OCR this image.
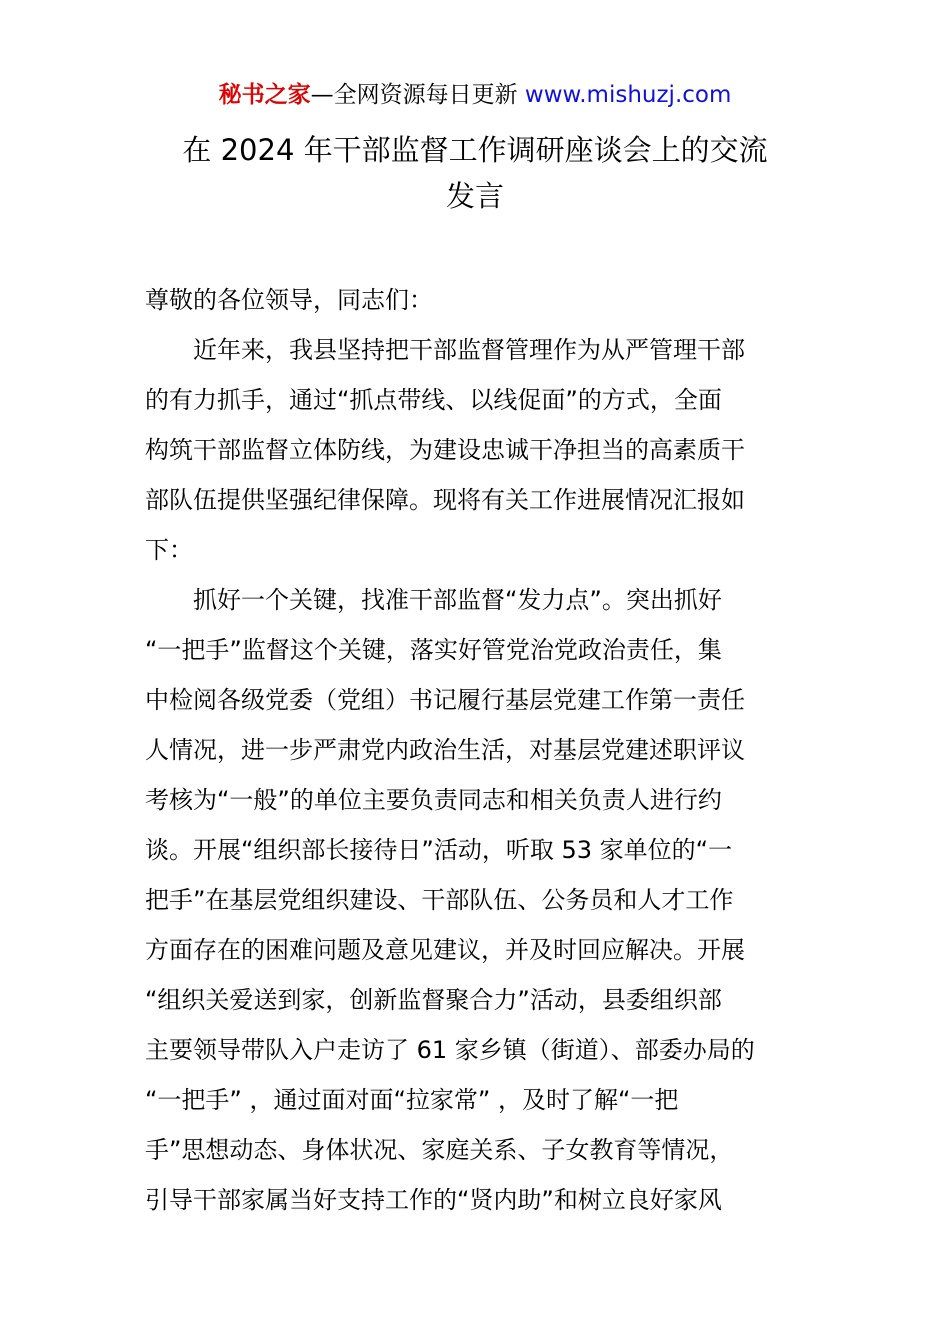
秘书之家—全网资源每日更新 www.mishuzj.com
在 2024 年干部监督工作调研座谈会上的交流
发言
尊敬的各位领导，同志们：
近年来，我县坚持把干部监督管理作为从严管理干部
的有力抓手，通过“抓点带线、以线促面”的方式，全面
构筑干部监督立体防线，为建设忠诚干净担当的高素质干
部队伍提供坚强纪律保障。现将有关工作进展情况汇报如
下：
抓好一个关键，找准干部监督“发力点”。突出抓好
“一把手”监督这个关键，落实好管党治党政治责任，集
中检阅各级党委（党组）书记履行基层党建工作第一责任
人情况，进一步严肃党内政治生活，对基层党建述职评议
考核为“一般”的单位主要负责同志和相关负责人进行约
谈。开展“组织部长接待日”活动，听取 53 家单位的“一
把手”在基层党组织建设、干部队伍、公务员和人才工作
方面存在的困难问题及意见建议，并及时回应解决。开展
“组织关爱送到家，创新监督聚合力”活动，县委组织部
主要领导带队入户走访了 61 家乡镇（街道）、部委办局的
“一把手” ，通过面对面“拉家常” ，及时了解“一把
手”思想动态、身体状况、家庭关系、子女教育等情况，
引导干部家属当好支持工作的“贤内助”和树立良好家风
